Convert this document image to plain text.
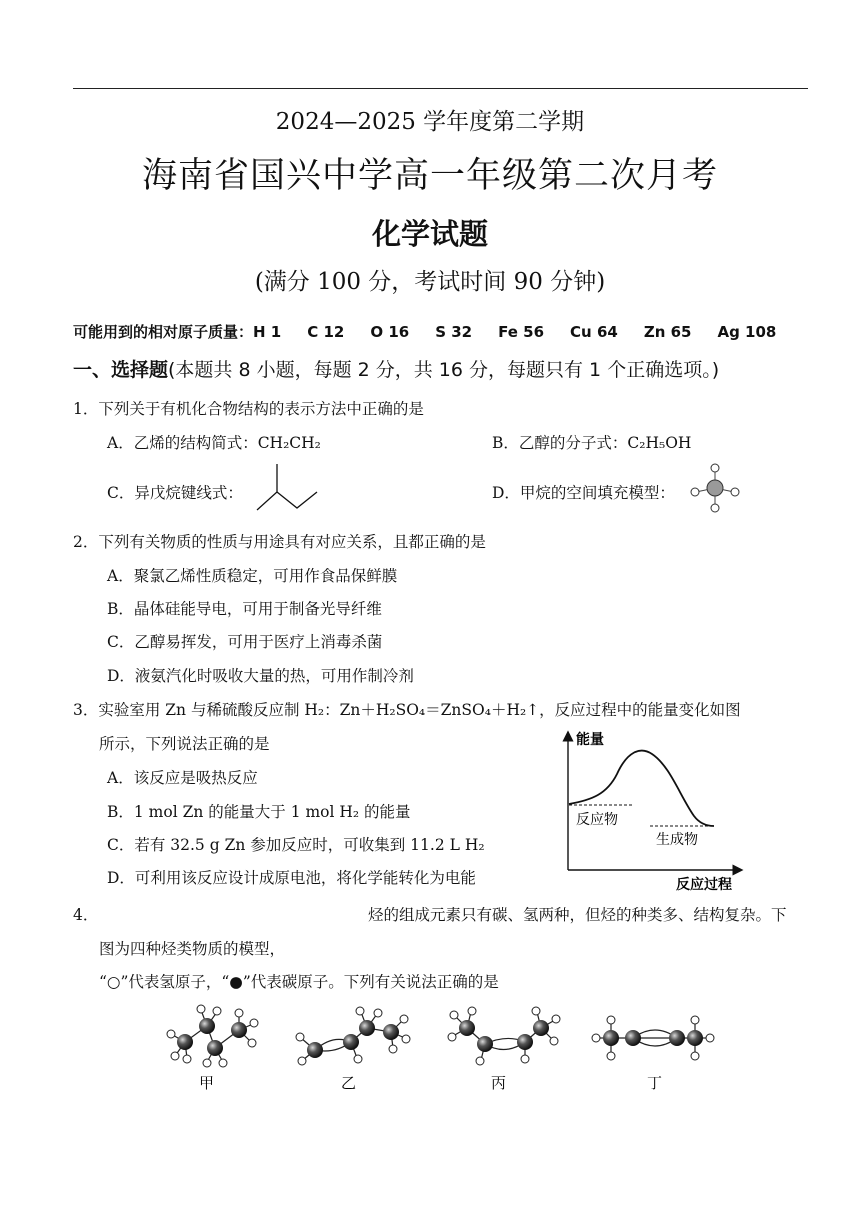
2024—2025 学年度第二学期
海南省国兴中学高一年级第二次月考
化学试题
(满分 100 分，考试时间 90 分钟)
可能用到的相对原子质量：H 1 C 12 O 16 S 32 Fe 56 Cu 64 Zn 65 Ag 108
一、选择题(本题共 8 小题，每题 2 分，共 16 分，每题只有 1 个正确选项。)
1．下列关于有机化合物结构的表示方法中正确的是
A．乙烯的结构简式：CH₂CH₂	B．乙醇的分子式：C₂H₅OH
C．异戊烷键线式：	D．甲烷的空间填充模型：
2．下列有关物质的性质与用途具有对应关系，且都正确的是
A．聚氯乙烯性质稳定，可用作食品保鲜膜
B．晶体硅能导电，可用于制备光导纤维
C．乙醇易挥发，可用于医疗上消毒杀菌
D．液氨汽化时吸收大量的热，可用作制冷剂
3．实验室用 Zn 与稀硫酸反应制 H₂：Zn＋H₂SO₄＝ZnSO₄＋H₂↑，反应过程中的能量变化如图
所示，下列说法正确的是
A．该反应是吸热反应
B．1 mol Zn 的能量大于 1 mol H₂ 的能量
C．若有 32.5 g Zn 参加反应时，可收集到 11.2 L H₂
D．可利用该反应设计成原电池，将化学能转化为电能
能量
反应过程
反应物
生成物
4．	烃的组成元素只有碳、氢两种，但烃的种类多、结构复杂。下
图为四种烃类物质的模型，
“○”代表氢原子，“●”代表碳原子。下列有关说法正确的是
甲	乙	丙	丁
